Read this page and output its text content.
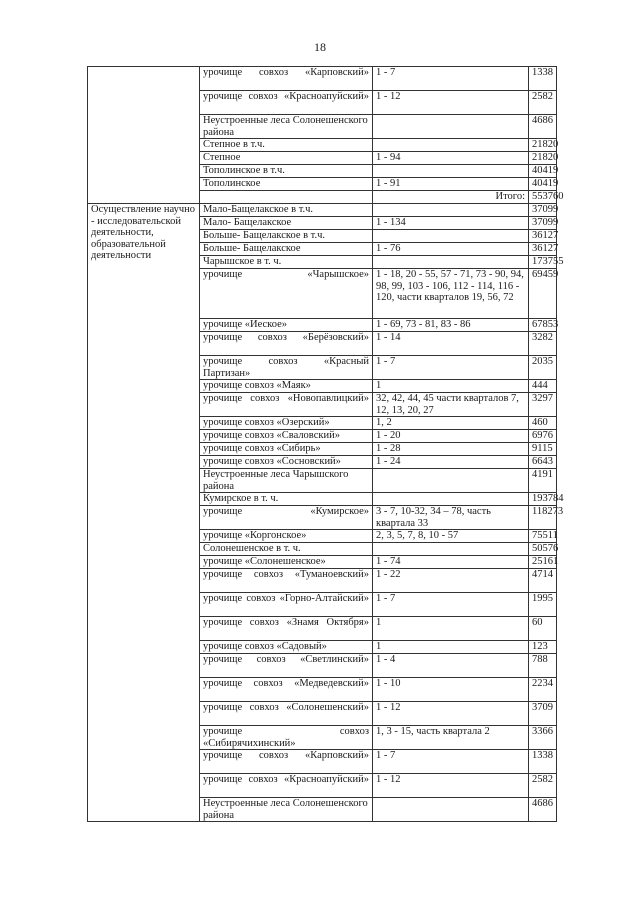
18
	урочище совхоз «Карповский»	1 - 7	1338
	урочище совхоз «Красноапуйский»	1 - 12	2582
	Неустроенные леса Солонешенского района		4686
	Степное в т.ч.		21820
	Степное	1 - 94	21820
	Тополинское в т.ч.		40419
	Тополинское	1 - 91	40419
		Итого:	553760
Осуществление научно - исследовательской деятельности, образовательной деятельности	Мало-Бащелакское в т.ч.		37099
	Мало- Бащелакское	1 - 134	37099
	Больше- Бащелакское в т.ч.		36127
	Больше- Бащелакское	1 - 76	36127
	Чарышское в т. ч.		173755
	урочище «Чарышское»	1 - 18, 20 - 55, 57 - 71, 73 - 90, 94, 98, 99, 103 - 106, 112 - 114, 116 - 120, части кварталов 19, 56, 72	69459
	урочище «Иеское»	1 - 69, 73 - 81, 83 - 86	67853
	урочище совхоз «Берёзовский»	1 - 14	3282
	урочище совхоз «Красный Партизан»	1 - 7	2035
	урочище совхоз «Маяк»	1	444
	урочище совхоз «Новопавлицкий»	32, 42, 44, 45 части кварталов 7, 12, 13, 20, 27	3297
	урочище совхоз «Озерский»	1, 2	460
	урочище совхоз «Сваловский»	1 - 20	6976
	урочище совхоз «Сибирь»	1 - 28	9115
	урочище совхоз «Сосновский»	1 - 24	6643
	Неустроенные леса Чарышского района		4191
	Кумирское в т. ч.		193784
	урочище «Кумирское»	3 - 7, 10-32, 34 – 78, часть квартала 33	118273
	урочище «Коргонское»	2, 3, 5, 7, 8, 10 - 57	75511
	Солонешенское в т. ч.		50576
	урочище «Солонешенское»	1 - 74	25161
	урочище совхоз «Туманоевский»	1 - 22	4714
	урочище совхоз «Горно-Алтайский»	1 - 7	1995
	урочище совхоз «Знамя Октября»	1	60
	урочище совхоз «Садовый»	1	123
	урочище совхоз «Светлинский»	1 - 4	788
	урочище совхоз «Медведевский»	1 - 10	2234
	урочище совхоз «Солонешенский»	1 - 12	3709
	урочище совхоз «Сибирячихинский»	1, 3 - 15, часть квартала 2	3366
	урочище совхоз «Карповский»	1 - 7	1338
	урочище совхоз «Красноапуйский»	1 - 12	2582
	Неустроенные леса Солонешенского района		4686
